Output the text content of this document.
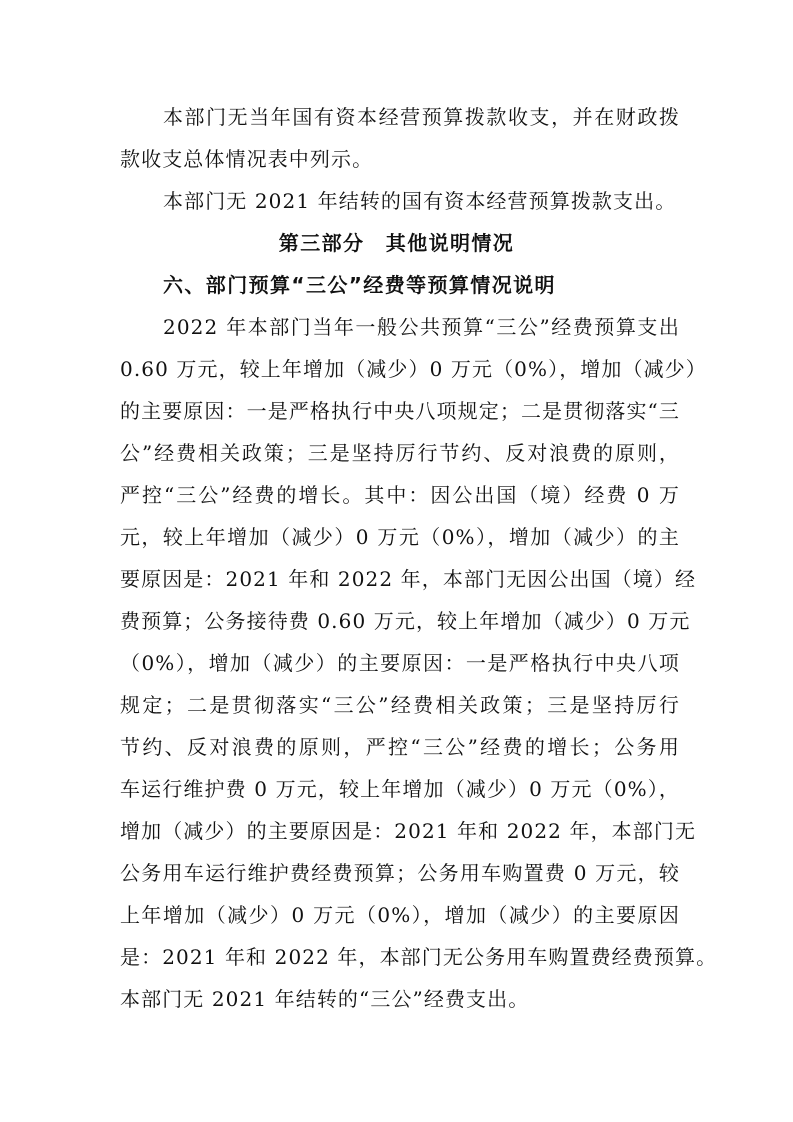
本部门无当年国有资本经营预算拨款收支，并在财政拨
款收支总体情况表中列示。
本部门无 2021 年结转的国有资本经营预算拨款支出。
第三部分　其他说明情况
六、部门预算“三公”经费等预算情况说明
2022 年本部门当年一般公共预算“三公”经费预算支出
0.60 万元，较上年增加（减少）0 万元（0%），增加（减少）
的主要原因：一是严格执行中央八项规定；二是贯彻落实“三
公”经费相关政策；三是坚持厉行节约、反对浪费的原则，
严控“三公”经费的增长。其中：因公出国（境）经费 0 万
元，较上年增加（减少）0 万元（0%），增加（减少）的主
要原因是：2021 年和 2022 年，本部门无因公出国（境）经
费预算；公务接待费 0.60 万元，较上年增加（减少）0 万元
（0%），增加（减少）的主要原因：一是严格执行中央八项
规定；二是贯彻落实“三公”经费相关政策；三是坚持厉行
节约、反对浪费的原则，严控“三公”经费的增长；公务用
车运行维护费 0 万元，较上年增加（减少）0 万元（0%），
增加（减少）的主要原因是：2021 年和 2022 年，本部门无
公务用车运行维护费经费预算；公务用车购置费 0 万元，较
上年增加（减少）0 万元（0%），增加（减少）的主要原因
是：2021 年和 2022 年，本部门无公务用车购置费经费预算。
本部门无 2021 年结转的“三公”经费支出。
